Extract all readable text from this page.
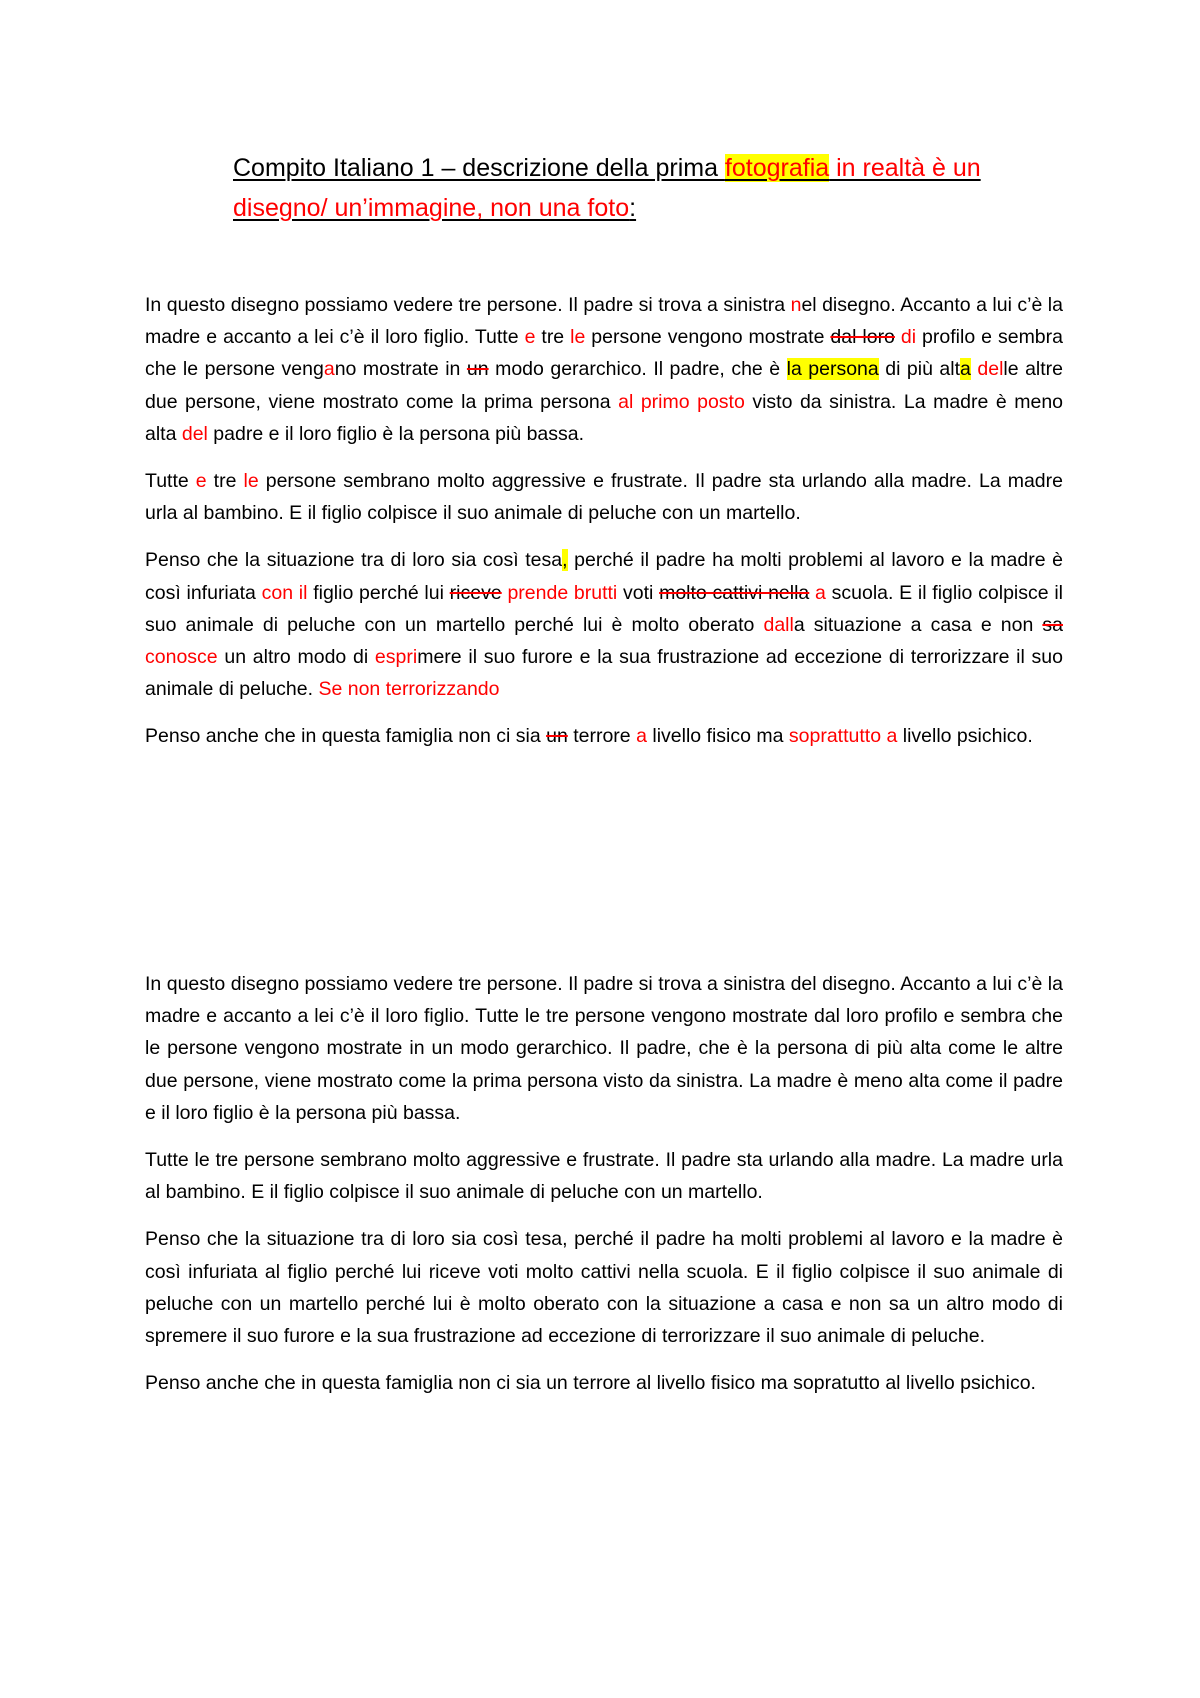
Compito Italiano 1 – descrizione della prima fotografia in realtà è un disegno/ un’immagine, non una foto:

In questo disegno possiamo vedere tre persone. Il padre si trova a sinistra nel disegno. Accanto a lui c’è la madre e accanto a lei c’è il loro figlio. Tutte e tre le persone vengono mostrate dal loro di profilo e sembra che le persone vengano mostrate in un modo gerarchico. Il padre, che è la persona di più alta delle altre due persone, viene mostrato come la prima persona al primo posto visto da sinistra. La madre è meno alta del padre e il loro figlio è la persona più bassa.

Tutte e tre le persone sembrano molto aggressive e frustrate. Il padre sta urlando alla madre. La madre urla al bambino. E il figlio colpisce il suo animale di peluche con un martello.

Penso che la situazione tra di loro sia così tesa, perché il padre ha molti problemi al lavoro e la madre è così infuriata con il figlio perché lui riceve prende brutti voti molto cattivi nella a scuola. E il figlio colpisce il suo animale di peluche con un martello perché lui è molto oberato dalla situazione a casa e non sa conosce un altro modo di esprimere il suo furore e la sua frustrazione ad eccezione di terrorizzare il suo animale di peluche. Se non terrorizzando

Penso anche che in questa famiglia non ci sia un terrore a livello fisico ma soprattutto a livello psichico.

In questo disegno possiamo vedere tre persone. Il padre si trova a sinistra del disegno. Accanto a lui c’è la madre e accanto a lei c’è il loro figlio. Tutte le tre persone vengono mostrate dal loro profilo e sembra che le persone vengono mostrate in un modo gerarchico. Il padre, che è la persona di più alta come le altre due persone, viene mostrato come la prima persona visto da sinistra. La madre è meno alta come il padre e il loro figlio è la persona più bassa.

Tutte le tre persone sembrano molto aggressive e frustrate. Il padre sta urlando alla madre. La madre urla al bambino. E il figlio colpisce il suo animale di peluche con un martello.

Penso che la situazione tra di loro sia così tesa, perché il padre ha molti problemi al lavoro e la madre è così infuriata al figlio perché lui riceve voti molto cattivi nella scuola. E il figlio colpisce il suo animale di peluche con un martello perché lui è molto oberato con la situazione a casa e non sa un altro modo di spremere il suo furore e la sua frustrazione ad eccezione di terrorizzare il suo animale di peluche.

Penso anche che in questa famiglia non ci sia un terrore al livello fisico ma sopratutto al livello psichico.
